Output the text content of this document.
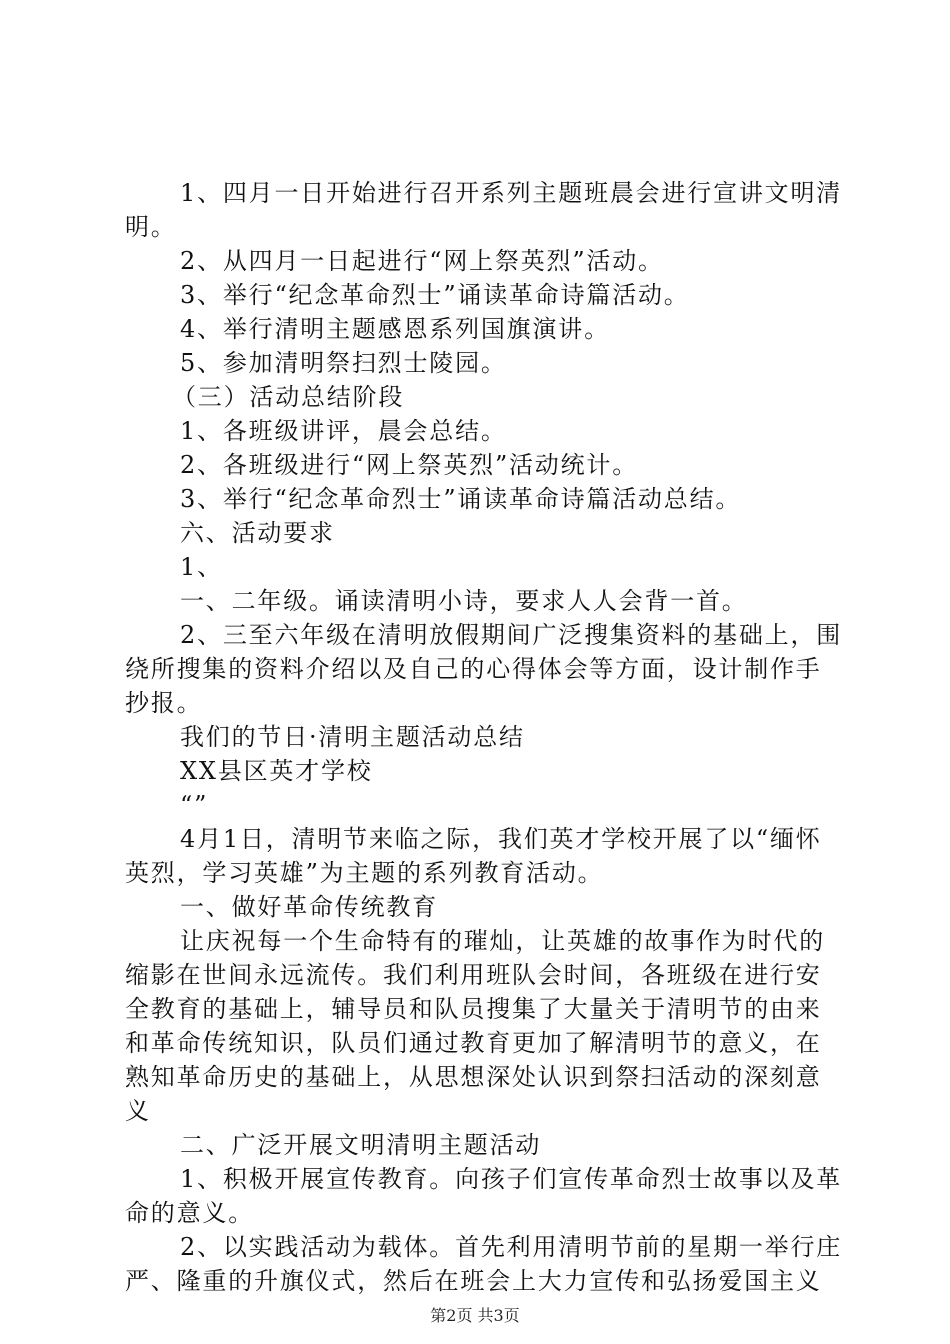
1、四月一日开始进行召开系列主题班晨会进行宣讲文明清
明。
2、从四月一日起进行“网上祭英烈”活动。
3、举行“纪念革命烈士”诵读革命诗篇活动。
4、举行清明主题感恩系列国旗演讲。
5、参加清明祭扫烈士陵园。
（三）活动总结阶段
1、各班级讲评，晨会总结。
2、各班级进行“网上祭英烈”活动统计。
3、举行“纪念革命烈士”诵读革命诗篇活动总结。
六、活动要求
1、
一、二年级。诵读清明小诗，要求人人会背一首。
2、三至六年级在清明放假期间广泛搜集资料的基础上，围
绕所搜集的资料介绍以及自己的心得体会等方面，设计制作手
抄报。
我们的节日·清明主题活动总结
XX县区英才学校
“”
4月1日，清明节来临之际，我们英才学校开展了以“缅怀
英烈，学习英雄”为主题的系列教育活动。
一、做好革命传统教育
让庆祝每一个生命特有的璀灿，让英雄的故事作为时代的
缩影在世间永远流传。我们利用班队会时间，各班级在进行安
全教育的基础上，辅导员和队员搜集了大量关于清明节的由来
和革命传统知识，队员们通过教育更加了解清明节的意义，在
熟知革命历史的基础上，从思想深处认识到祭扫活动的深刻意
义
二、广泛开展文明清明主题活动
1、积极开展宣传教育。向孩子们宣传革命烈士故事以及革
命的意义。
2、以实践活动为载体。首先利用清明节前的星期一举行庄
严、隆重的升旗仪式，然后在班会上大力宣传和弘扬爱国主义
第2页 共3页
